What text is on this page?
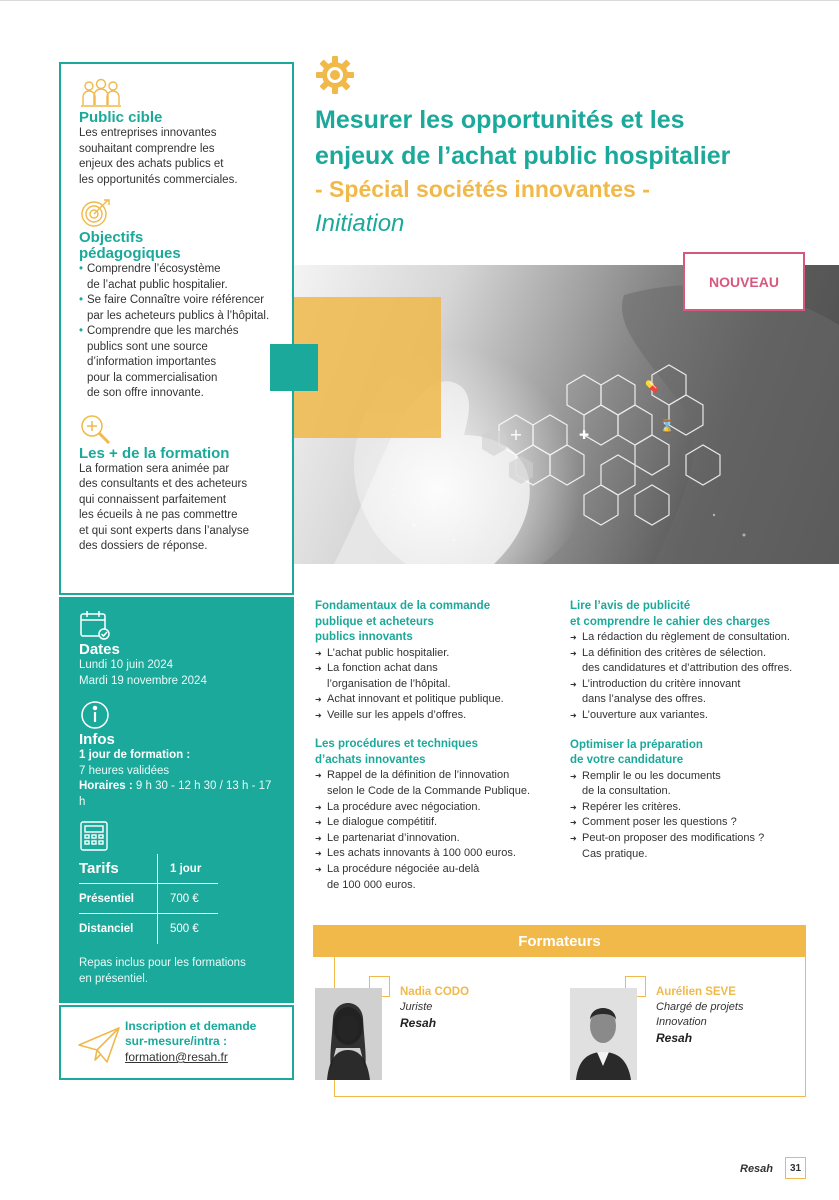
Public cible
Les entreprises innovantes
souhaitant comprendre les
enjeux des achats publics et
les opportunités commerciales.
Objectifs
pédagogiques
• Comprendre l’écosystème
de l’achat public hospitalier.
• Se faire Connaître voire référencer
par les acheteurs publics à l’hôpital.
• Comprendre que les marchés
publics sont une source
d’information importantes
pour la commercialisation
de son offre innovante.
Les + de la formation
La formation sera animée par
des consultants et des acheteurs
qui connaissent parfaitement
les écueils à ne pas commettre
et qui sont experts dans l’analyse
des dossiers de réponse.
Dates
Lundi 10 juin 2024
Mardi 19 novembre 2024
Infos
1 jour de formation :
7 heures validées
Horaires : 9 h 30 - 12 h 30 / 13 h - 17 h
Tarifs	1 jour
Présentiel	700 €
Distanciel	500 €
Repas inclus pour les formations
en présentiel.
Inscription et demande
sur-mesure/intra :
formation@resah.fr
Mesurer les opportunités et les
enjeux de l’achat public hospitalier
- Spécial sociétés innovantes -
Initiation
+	✚
⌛
💊
NOUVEAU
Fondamentaux de la commande
publique et acheteurs
publics innovants
➜ L’achat public hospitalier.
➜ La fonction achat dans
l’organisation de l’hôpital.
➜ Achat innovant et politique publique.
➜ Veille sur les appels d’offres.
Les procédures et techniques
d’achats innovantes
➜ Rappel de la définition de l’innovation
selon le Code de la Commande Publique.
➜ La procédure avec négociation.
➜ Le dialogue compétitif.
➜ Le partenariat d’innovation.
➜ Les achats innovants à 100 000 euros.
➜ La procédure négociée au-delà
de 100 000 euros.
Lire l’avis de publicité
et comprendre le cahier des charges
➜ La rédaction du règlement de consultation.
➜ La définition des critères de sélection.
des candidatures et d’attribution des offres.
➜ L’introduction du critère innovant
dans l’analyse des offres.
➜ L’ouverture aux variantes.
Optimiser la préparation
de votre candidature
➜ Remplir le ou les documents
de la consultation.
➜ Repérer les critères.
➜ Comment poser les questions ?
➜ Peut-on proposer des modifications ?
Cas pratique.
Formateurs
Nadia CODO
Juriste
Resah
Aurélien SEVE
Chargé de projets
Innovation
Resah
Resah	31
